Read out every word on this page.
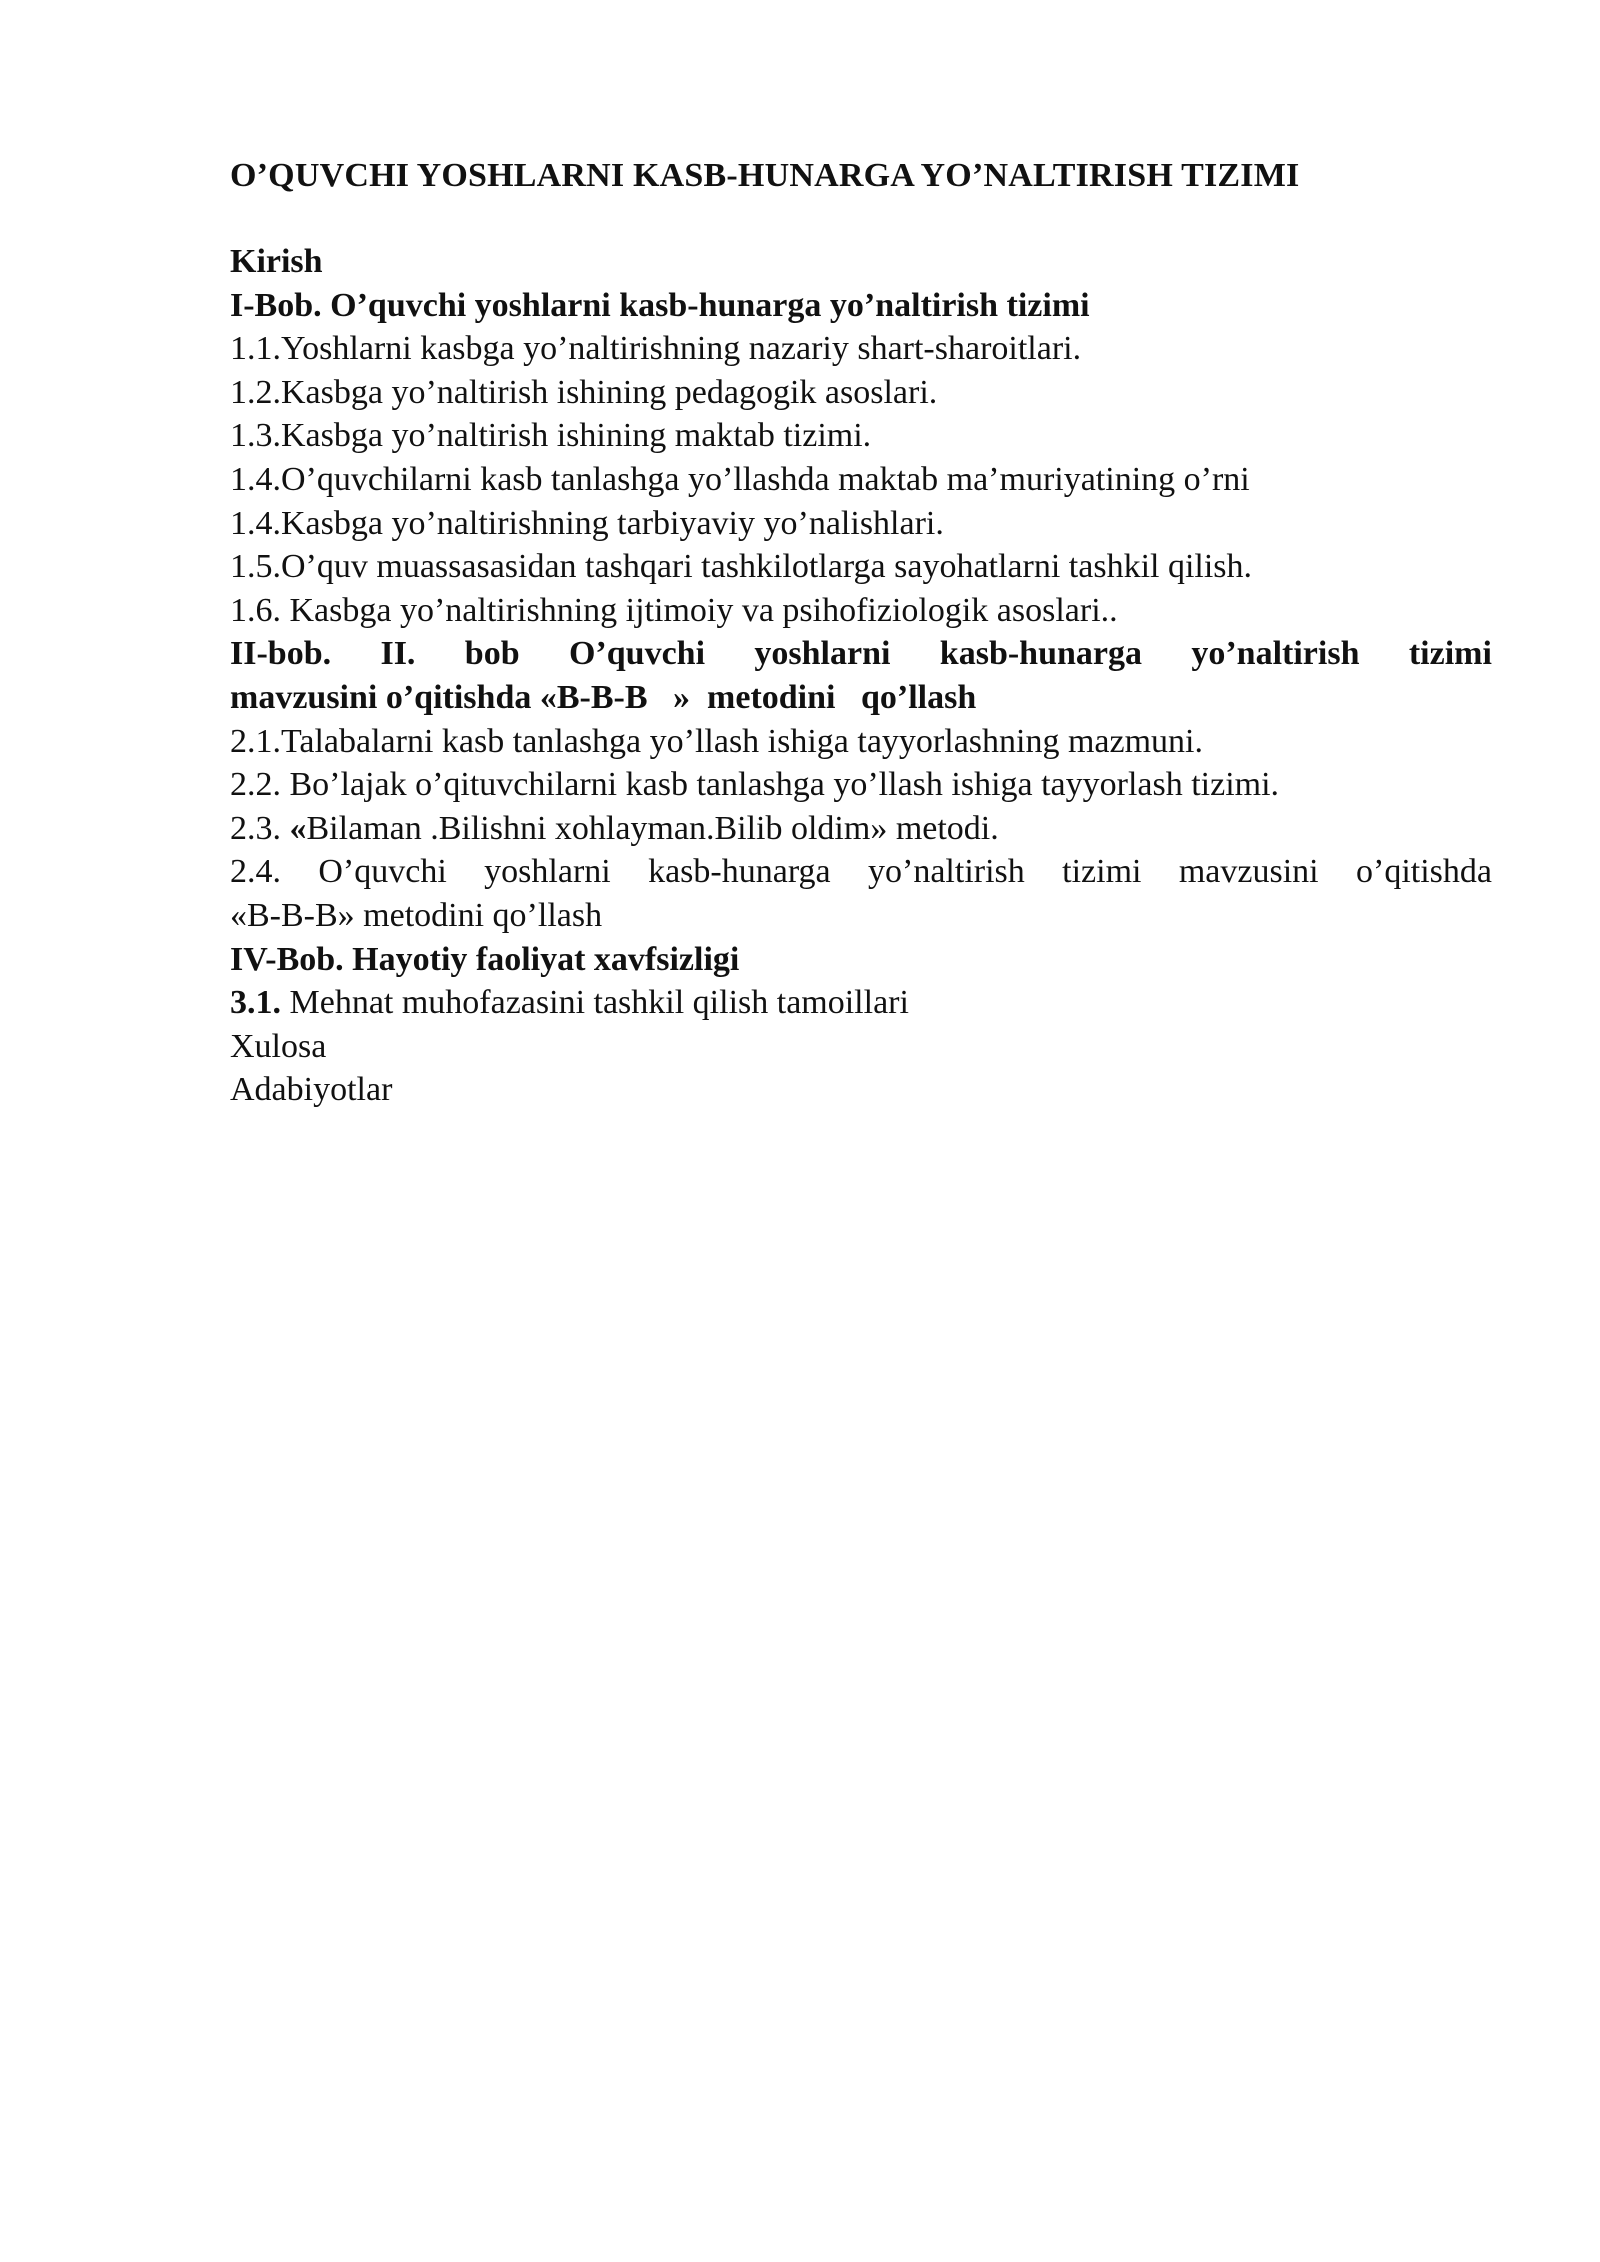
O’QUVCHI YOSHLARNI KASB-HUNARGA YO’NALTIRISH TIZIMI
Kirish
I-Bob. O’quvchi yoshlarni kasb-hunarga yo’naltirish tizimi
1.1.Yoshlarni kasbga yo’naltirishning nazariy shart-sharoitlari.
1.2.Kasbga yo’naltirish ishining pedagogik asoslari.
1.3.Kasbga yo’naltirish ishining maktab tizimi.
1.4.O’quvchilarni kasb tanlashga yo’llashda maktab ma’muriyatining o’rni
1.4.Kasbga yo’naltirishning tarbiyaviy yo’nalishlari.
1.5.O’quv muassasasidan tashqari tashkilotlarga sayohatlarni tashkil qilish.
1.6. Kasbga yo’naltirishning ijtimoiy va psihofiziologik asoslari..
II-bob. II. bob O’quvchi yoshlarni kasb-hunarga yo’naltirish tizimi
mavzusini o’qitishda «B-B-B   »  metodini   qo’llash
2.1.Talabalarni kasb tanlashga yo’llash ishiga tayyorlashning mazmuni.
2.2. Bo’lajak o’qituvchilarni kasb tanlashga yo’llash ishiga tayyorlash tizimi.
2.3. «Bilaman .Bilishni xohlayman.Bilib oldim» metodi.
2.4. O’quvchi yoshlarni kasb-hunarga yo’naltirish tizimi mavzusini o’qitishda
«B-B-B» metodini qo’llash
IV-Bob. Hayotiy faoliyat xavfsizligi
3.1. Mehnat muhofazasini tashkil qilish tamoillari
Xulosa
Adabiyotlar
